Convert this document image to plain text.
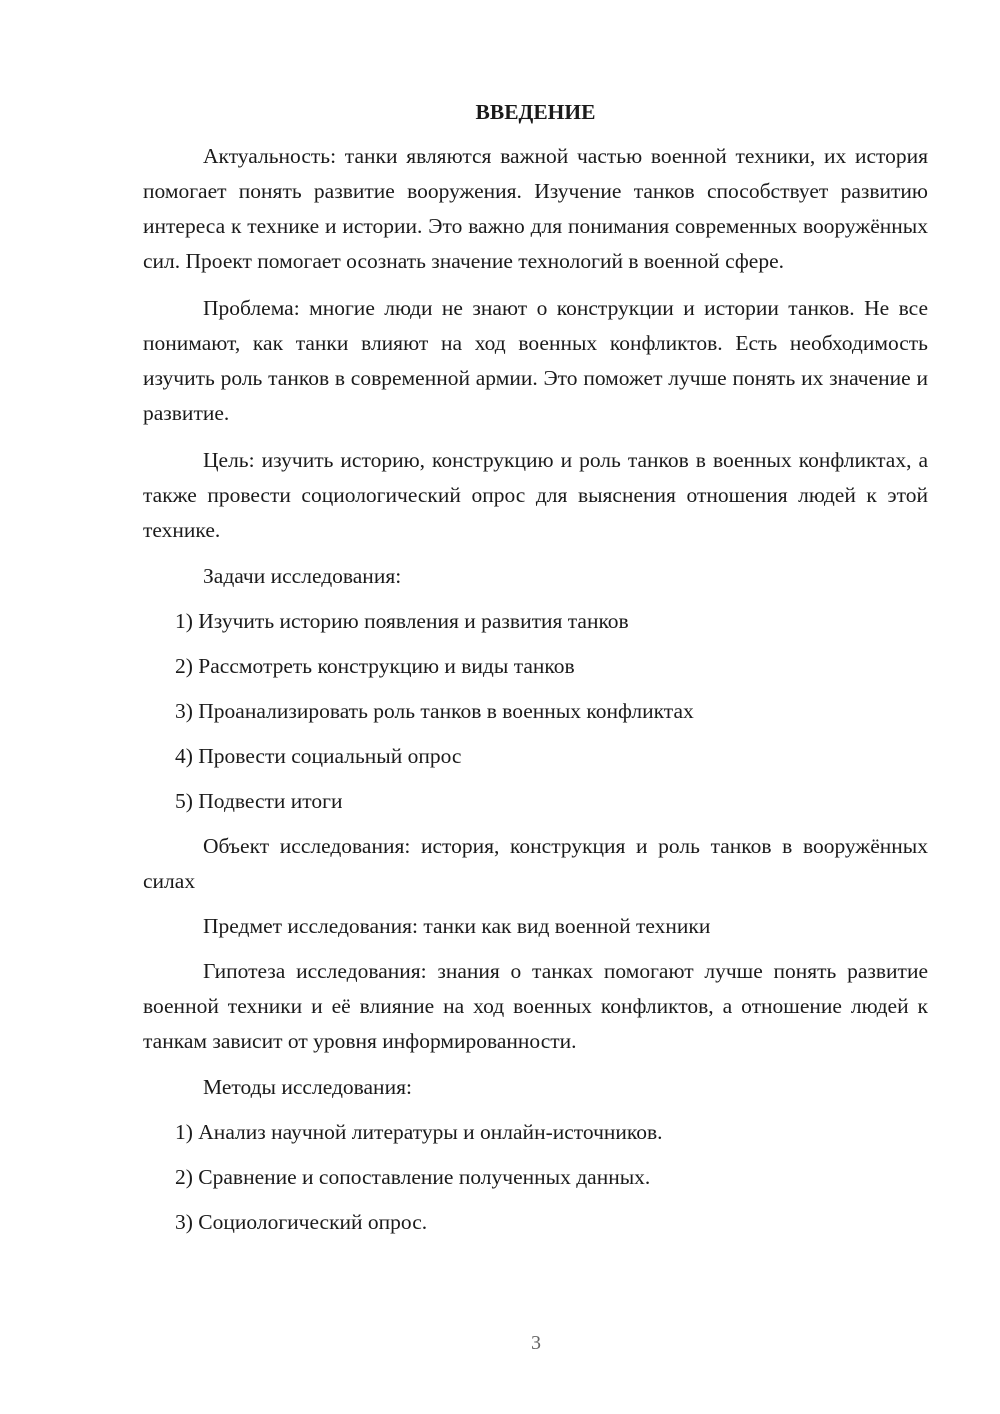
ВВЕДЕНИЕ

Актуальность: танки являются важной частью военной техники, их история помогает понять развитие вооружения. Изучение танков способствует развитию интереса к технике и истории. Это важно для понимания современных вооружённых сил. Проект помогает осознать значение технологий в военной сфере.

Проблема: многие люди не знают о конструкции и истории танков. Не все понимают, как танки влияют на ход военных конфликтов. Есть необходимость изучить роль танков в современной армии. Это поможет лучше понять их значение и развитие.

Цель: изучить историю, конструкцию и роль танков в военных конфликтах, а также провести социологический опрос для выяснения отношения людей к этой технике.

Задачи исследования:
1) Изучить историю появления и развития танков
2) Рассмотреть конструкцию и виды танков
3) Проанализировать роль танков в военных конфликтах
4) Провести социальный опрос
5) Подвести итоги

Объект исследования: история, конструкция и роль танков в вооружённых силах

Предмет исследования: танки как вид военной техники

Гипотеза исследования: знания о танках помогают лучше понять развитие военной техники и её влияние на ход военных конфликтов, а отношение людей к танкам зависит от уровня информированности.

Методы исследования:
1) Анализ научной литературы и онлайн-источников.
2) Сравнение и сопоставление полученных данных.
3) Социологический опрос.
3
